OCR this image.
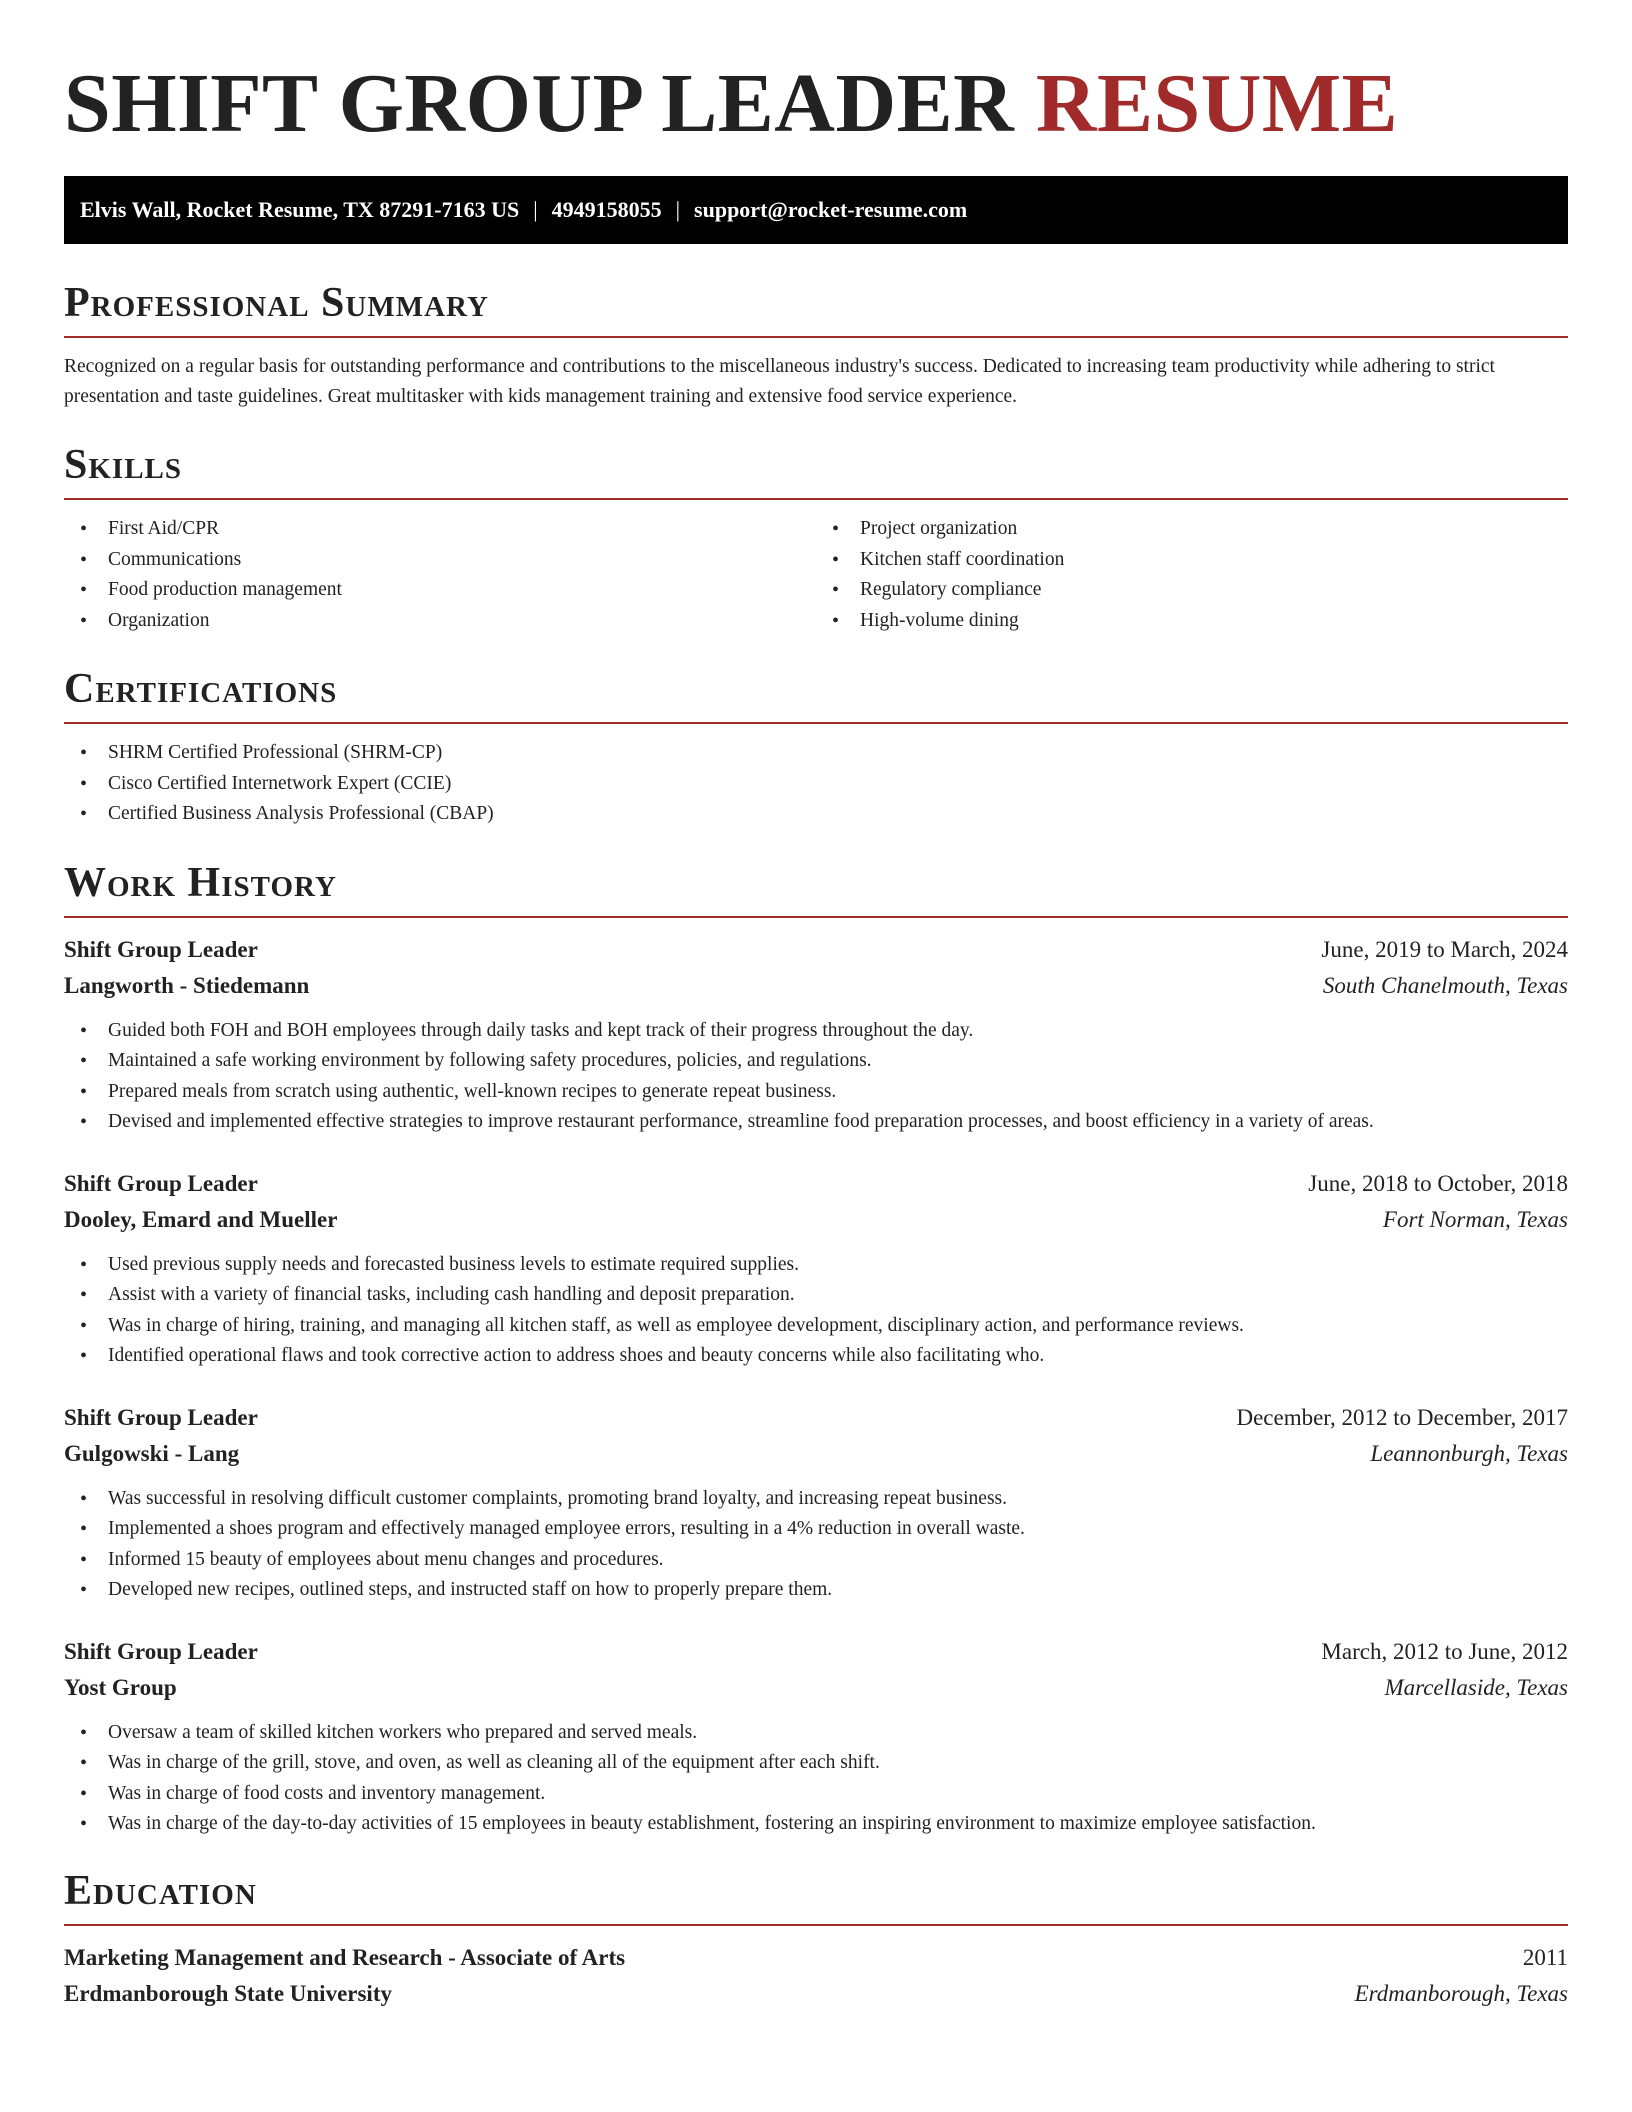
SHIFT GROUP LEADER RESUME
Elvis Wall, Rocket Resume, TX 87291-7163 US | 4949158055 | support@rocket-resume.com
Professional Summary

Recognized on a regular basis for outstanding performance and contributions to the miscellaneous industry's success. Dedicated to increasing team productivity while adhering to strict presentation and taste guidelines. Great multitasker with kids management training and extensive food service experience.

Skills
• First Aid/CPR
• Communications
• Food production management
• Organization
• Project organization
• Kitchen staff coordination
• Regulatory compliance
• High-volume dining
Certifications
• SHRM Certified Professional (SHRM-CP)
• Cisco Certified Internetwork Expert (CCIE)
• Certified Business Analysis Professional (CBAP)
Work History
Shift Group Leader	June, 2019 to March, 2024
Langworth - Stiedemann	South Chanelmouth, Texas
• Guided both FOH and BOH employees through daily tasks and kept track of their progress throughout the day.
• Maintained a safe working environment by following safety procedures, policies, and regulations.
• Prepared meals from scratch using authentic, well-known recipes to generate repeat business.
• Devised and implemented effective strategies to improve restaurant performance, streamline food preparation processes, and boost efficiency in a variety of areas.
Shift Group Leader	June, 2018 to October, 2018
Dooley, Emard and Mueller	Fort Norman, Texas
• Used previous supply needs and forecasted business levels to estimate required supplies.
• Assist with a variety of financial tasks, including cash handling and deposit preparation.
• Was in charge of hiring, training, and managing all kitchen staff, as well as employee development, disciplinary action, and performance reviews.
• Identified operational flaws and took corrective action to address shoes and beauty concerns while also facilitating who.
Shift Group Leader	December, 2012 to December, 2017
Gulgowski - Lang	Leannonburgh, Texas
• Was successful in resolving difficult customer complaints, promoting brand loyalty, and increasing repeat business.
• Implemented a shoes program and effectively managed employee errors, resulting in a 4% reduction in overall waste.
• Informed 15 beauty of employees about menu changes and procedures.
• Developed new recipes, outlined steps, and instructed staff on how to properly prepare them.
Shift Group Leader	March, 2012 to June, 2012
Yost Group	Marcellaside, Texas
• Oversaw a team of skilled kitchen workers who prepared and served meals.
• Was in charge of the grill, stove, and oven, as well as cleaning all of the equipment after each shift.
• Was in charge of food costs and inventory management.
• Was in charge of the day-to-day activities of 15 employees in beauty establishment, fostering an inspiring environment to maximize employee satisfaction.
Education
Marketing Management and Research - Associate of Arts	2011
Erdmanborough State University	Erdmanborough, Texas
